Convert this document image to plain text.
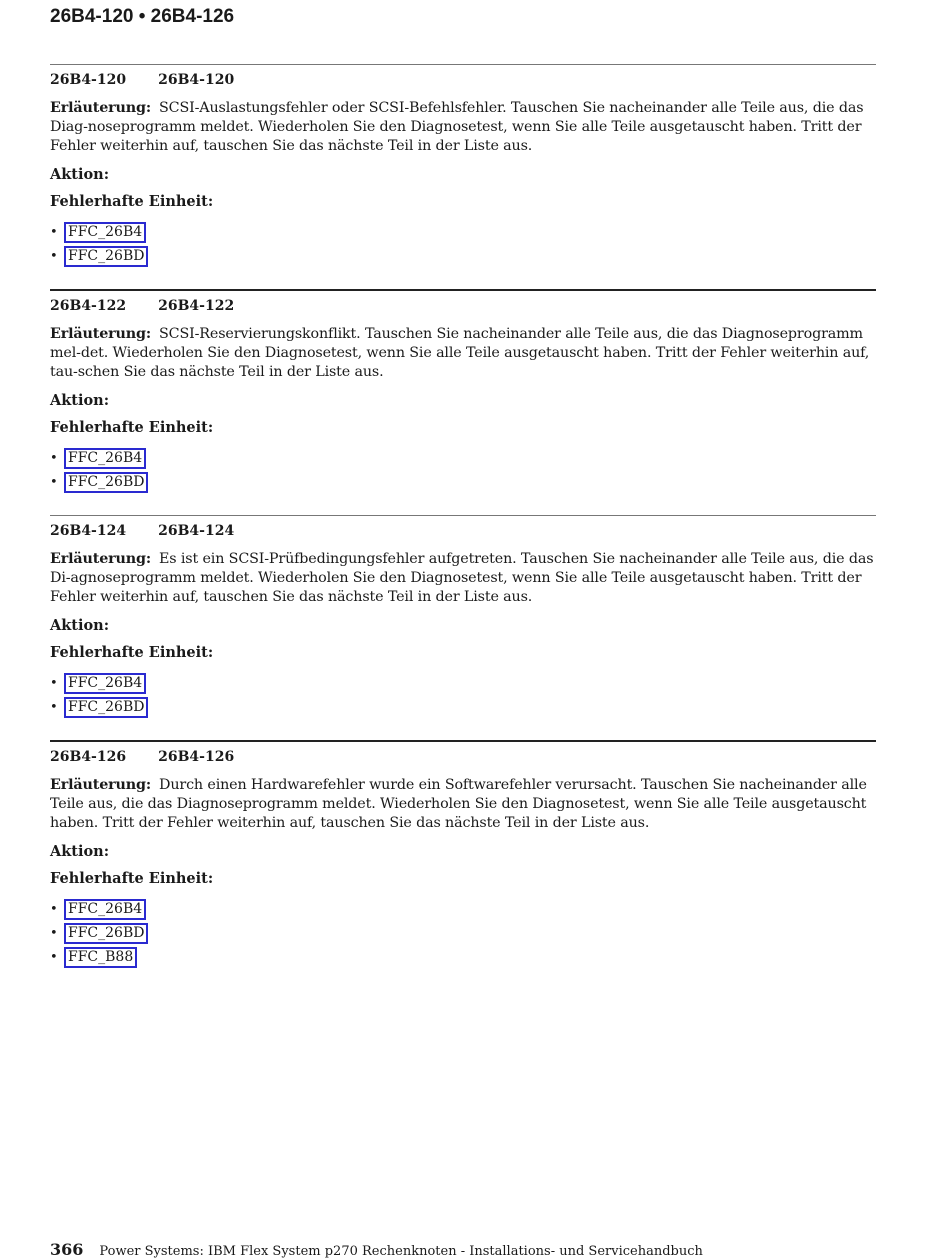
26B4-120 • 26B4-126
26B4-120 26B4-120

Erläuterung: SCSI-Auslastungsfehler oder SCSI-Befehlsfehler. Tauschen Sie nacheinander alle Teile aus, die das Diag-noseprogramm meldet. Wiederholen Sie den Diagnosetest, wenn Sie alle Teile ausgetauscht haben. Tritt der Fehler weiterhin auf, tauschen Sie das nächste Teil in der Liste aus.

Aktion:

Fehlerhafte Einheit:

• FFC_26B4
• FFC_26BD
26B4-122 26B4-122

Erläuterung: SCSI-Reservierungskonflikt. Tauschen Sie nacheinander alle Teile aus, die das Diagnoseprogramm mel-det. Wiederholen Sie den Diagnosetest, wenn Sie alle Teile ausgetauscht haben. Tritt der Fehler weiterhin auf, tau-schen Sie das nächste Teil in der Liste aus.

Aktion:

Fehlerhafte Einheit:

• FFC_26B4
• FFC_26BD
26B4-124 26B4-124

Erläuterung: Es ist ein SCSI-Prüfbedingungsfehler aufgetreten. Tauschen Sie nacheinander alle Teile aus, die das Di-agnoseprogramm meldet. Wiederholen Sie den Diagnosetest, wenn Sie alle Teile ausgetauscht haben. Tritt der Fehler weiterhin auf, tauschen Sie das nächste Teil in der Liste aus.

Aktion:

Fehlerhafte Einheit:

• FFC_26B4
• FFC_26BD
26B4-126 26B4-126

Erläuterung: Durch einen Hardwarefehler wurde ein Softwarefehler verursacht. Tauschen Sie nacheinander alle Teile aus, die das Diagnoseprogramm meldet. Wiederholen Sie den Diagnosetest, wenn Sie alle Teile ausgetauscht haben. Tritt der Fehler weiterhin auf, tauschen Sie das nächste Teil in der Liste aus.

Aktion:

Fehlerhafte Einheit:

• FFC_26B4
• FFC_26BD
• FFC_B88
366 Power Systems: IBM Flex System p270 Rechenknoten - Installations- und Servicehandbuch
